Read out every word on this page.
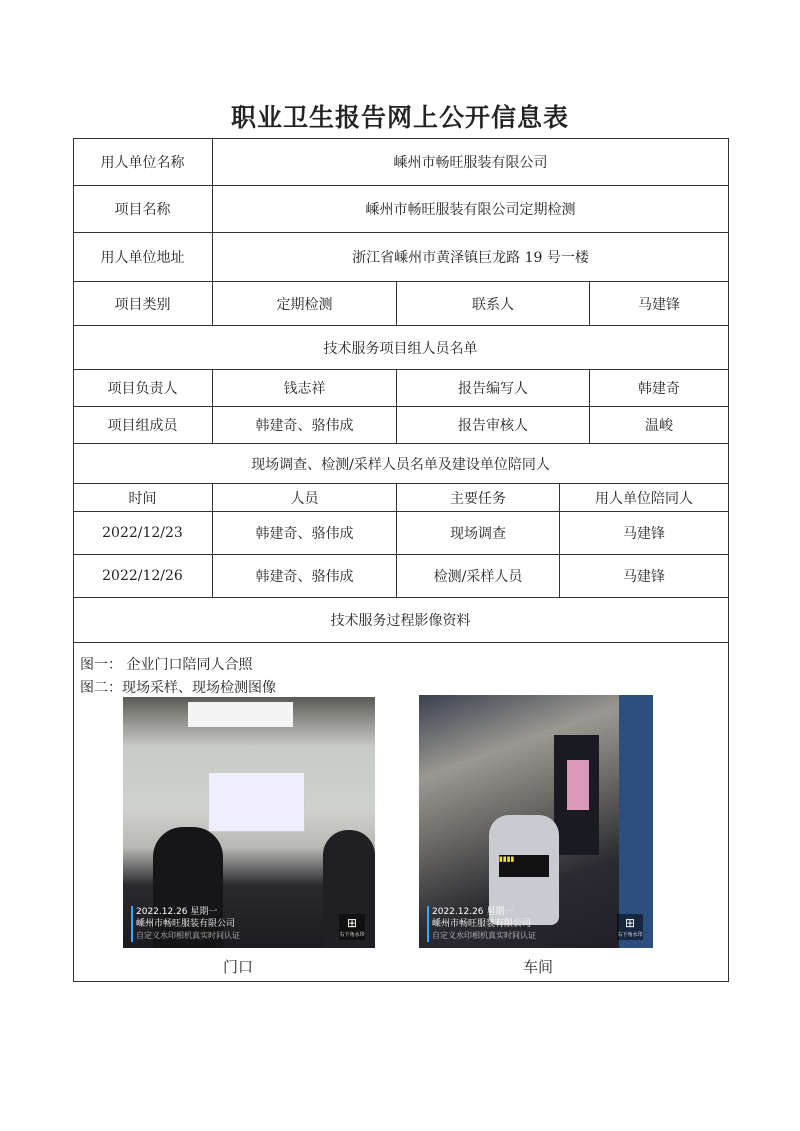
职业卫生报告网上公开信息表
用人单位名称	嵊州市畅旺服装有限公司
项目名称	嵊州市畅旺服装有限公司定期检测
用人单位地址	浙江省嵊州市黄泽镇巨龙路 19 号一楼
项目类别	定期检测	联系人	马建锋
技术服务项目组人员名单
项目负责人	钱志祥	报告编写人	韩建奇
项目组成员	韩建奇、骆伟成	报告审核人	温峻
现场调查、检测/采样人员名单及建设单位陪同人
时间	人员	主要任务	用人单位陪同人
2022/12/23	韩建奇、骆伟成	现场调查	马建锋
2022/12/26	韩建奇、骆伟成	检测/采样人员	马建锋
技术服务过程影像资料
图一： 企业门口陪同人合照
图二：现场采样、现场检测图像
2022.12.26 星期一
嵊州市畅旺服装有限公司
自定义水印相机真实时间认证
⊞
右下角水印
门口
▮▮▮▮
2022.12.26 星期一
嵊州市畅旺服装有限公司
自定义水印相机真实时间认证
⊞
右下角水印
车间
